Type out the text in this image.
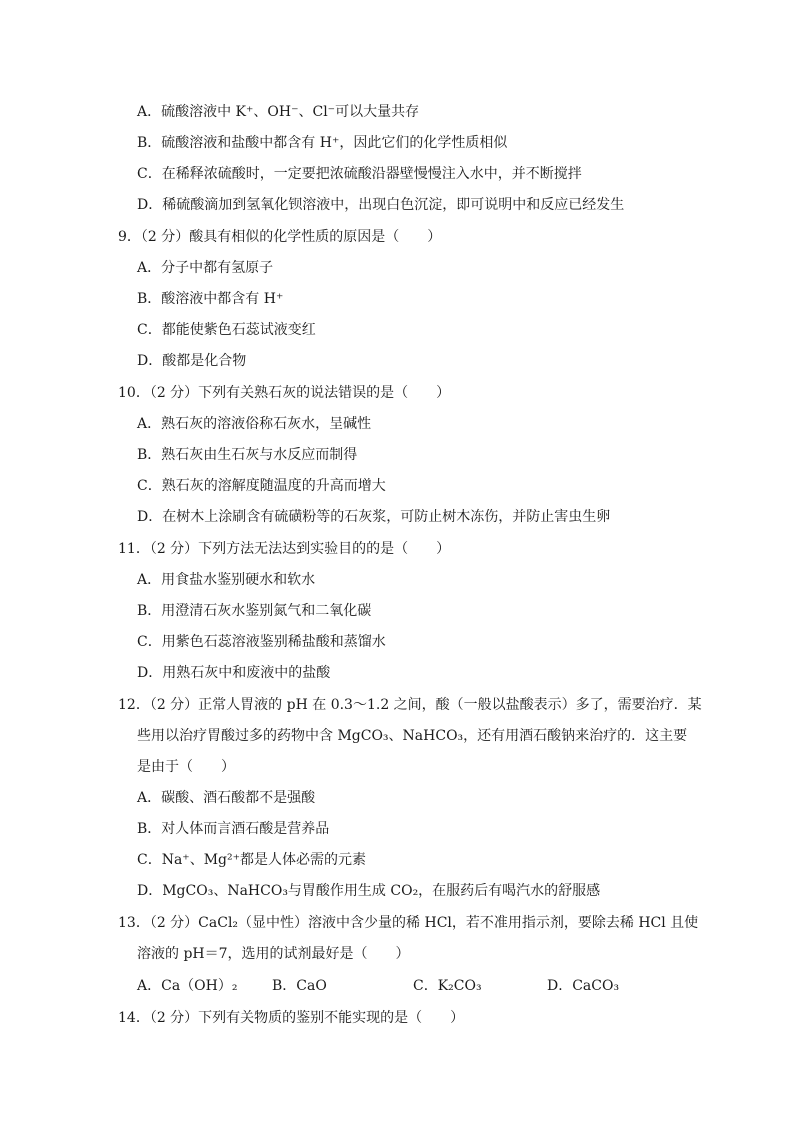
A．硫酸溶液中 K⁺、OH⁻、Cl⁻可以大量共存
B．硫酸溶液和盐酸中都含有 H⁺，因此它们的化学性质相似
C．在稀释浓硫酸时，一定要把浓硫酸沿器壁慢慢注入水中，并不断搅拌
D．稀硫酸滴加到氢氧化钡溶液中，出现白色沉淀，即可说明中和反应已经发生
9．（2 分）酸具有相似的化学性质的原因是（　　）
A．分子中都有氢原子
B．酸溶液中都含有 H⁺
C．都能使紫色石蕊试液变红
D．酸都是化合物
10．（2 分）下列有关熟石灰的说法错误的是（　　）
A．熟石灰的溶液俗称石灰水，呈碱性
B．熟石灰由生石灰与水反应而制得
C．熟石灰的溶解度随温度的升高而增大
D．在树木上涂刷含有硫磺粉等的石灰浆，可防止树木冻伤，并防止害虫生卵
11．（2 分）下列方法无法达到实验目的的是（　　）
A．用食盐水鉴别硬水和软水
B．用澄清石灰水鉴别氮气和二氧化碳
C．用紫色石蕊溶液鉴别稀盐酸和蒸馏水
D．用熟石灰中和废液中的盐酸
12．（2 分）正常人胃液的 pH 在 0.3～1.2 之间，酸（一般以盐酸表示）多了，需要治疗．某
些用以治疗胃酸过多的药物中含 MgCO₃、NaHCO₃，还有用酒石酸钠来治疗的．这主要
是由于（　　）
A．碳酸、酒石酸都不是强酸
B．对人体而言酒石酸是营养品
C．Na⁺、Mg²⁺都是人体必需的元素
D．MgCO₃、NaHCO₃与胃酸作用生成 CO₂，在服药后有喝汽水的舒服感
13．（2 分）CaCl₂（显中性）溶液中含少量的稀 HCl，若不准用指示剂，要除去稀 HCl 且使
溶液的 pH＝7，选用的试剂最好是（　　）
A．Ca（OH）₂ B．CaO	C．K₂CO₃	D．CaCO₃
14．（2 分）下列有关物质的鉴别不能实现的是（　　）
